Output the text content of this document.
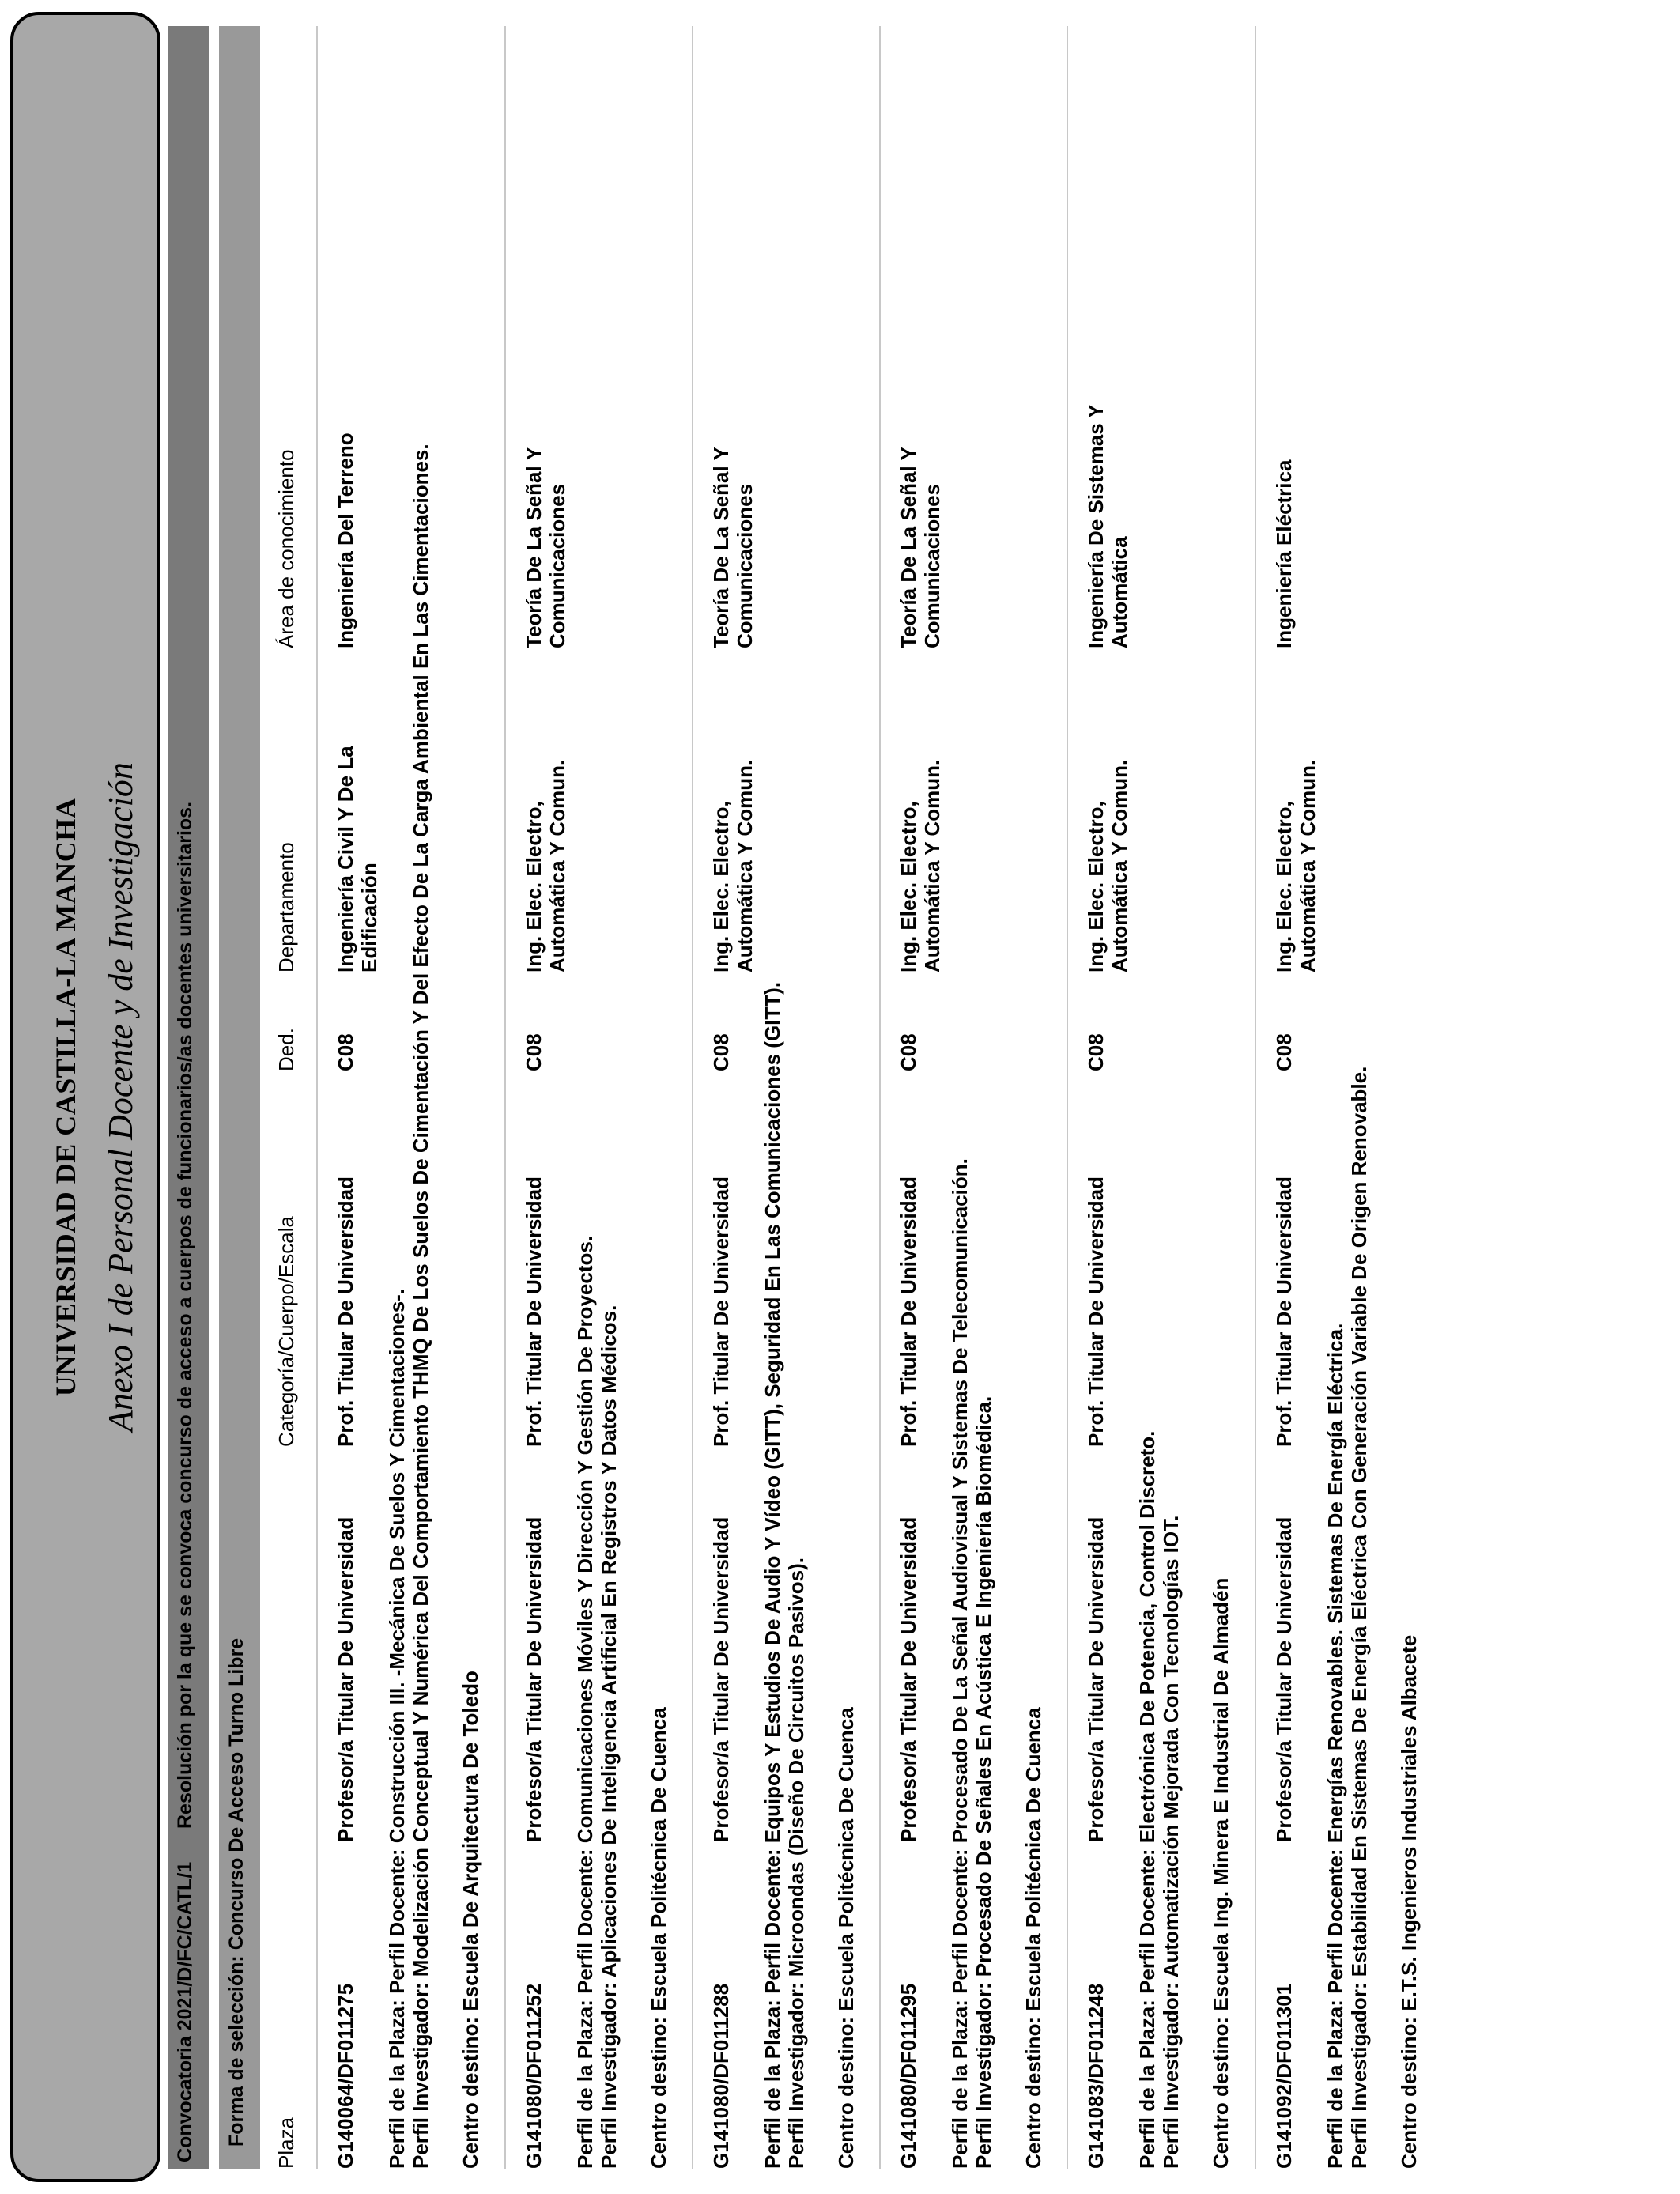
UNIVERSIDAD DE CASTILLA-LA MANCHA Anexo I de Personal Docente y de Investigación
Convocatoria 2021/D/FC/CATL/1
Resolución por la que se convoca concurso de acceso a cuerpos de funcionarios/as docentes universitarios.
Forma de selección: Concurso De Acceso Turno Libre Plaza
Categoría/Cuerpo/Escala
Ded.
Departamento
Área de conocimiento
G140064/DF011275
Profesor/a Titular De Universidad
Prof. Titular De Universidad
C08
Ingeniería Civil Y De La Edificación
Ingeniería Del Terreno
Perfil de la Plaza: Perfil Docente: Construcción III. -Mecánica De Suelos Y Cimentaciones-. Perfil Investigador: Modelización Conceptual Y Numérica Del Comportamiento THMQ De Los Suelos De Cimentación Y Del Efecto De La Carga Ambiental En Las Cimentaciones. Centro destino: Escuela De Arquitectura De Toledo G141080/DF011252
Profesor/a Titular De Universidad
Prof. Titular De Universidad
C08
Ing. Elec. Electro, Automática Y Comun.
Teoría De La Señal Y Comunicaciones
Perfil de la Plaza: Perfil Docente: Comunicaciones Móviles Y Dirección Y Gestión De Proyectos. Perfil Investigador: Aplicaciones De Inteligencia Artificial En Registros Y Datos Médicos. Centro destino: Escuela Politécnica De Cuenca G141080/DF011288
Profesor/a Titular De Universidad
Prof. Titular De Universidad
C08
Ing. Elec. Electro, Automática Y Comun.
Teoría De La Señal Y Comunicaciones
Perfil de la Plaza: Perfil Docente: Equipos Y Estudios De Audio Y Vídeo (GITT), Seguridad En Las Comunicaciones (GITT). Perfil Investigador: Microondas (Diseño De Circuitos Pasivos). Centro destino: Escuela Politécnica De Cuenca G141080/DF011295
Profesor/a Titular De Universidad
Prof. Titular De Universidad
C08
Ing. Elec. Electro, Automática Y Comun.
Teoría De La Señal Y Comunicaciones
Perfil de la Plaza: Perfil Docente: Procesado De La Señal Audiovisual Y Sistemas De Telecomunicación. Perfil Investigador: Procesado De Señales En Acústica E Ingeniería Biomédica. Centro destino: Escuela Politécnica De Cuenca G141083/DF011248
Profesor/a Titular De Universidad
Prof. Titular De Universidad
C08
Ing. Elec. Electro, Automática Y Comun.
Ingeniería De Sistemas Y Automática
Perfil de la Plaza: Perfil Docente: Electrónica De Potencia, Control Discreto. Perfil Investigador: Automatización Mejorada Con Tecnologías IOT. Centro destino: Escuela Ing. Minera E Industrial De Almadén G141092/DF011301
Profesor/a Titular De Universidad
Prof. Titular De Universidad
C08
Ing. Elec. Electro, Automática Y Comun.
Ingeniería Eléctrica
Perfil de la Plaza: Perfil Docente: Energías Renovables. Sistemas De Energía Eléctrica. Perfil Investigador: Estabilidad En Sistemas De Energía Eléctrica Con Generación Variable De Origen Renovable. Centro destino: E.T.S. Ingenieros Industriales Albacete
